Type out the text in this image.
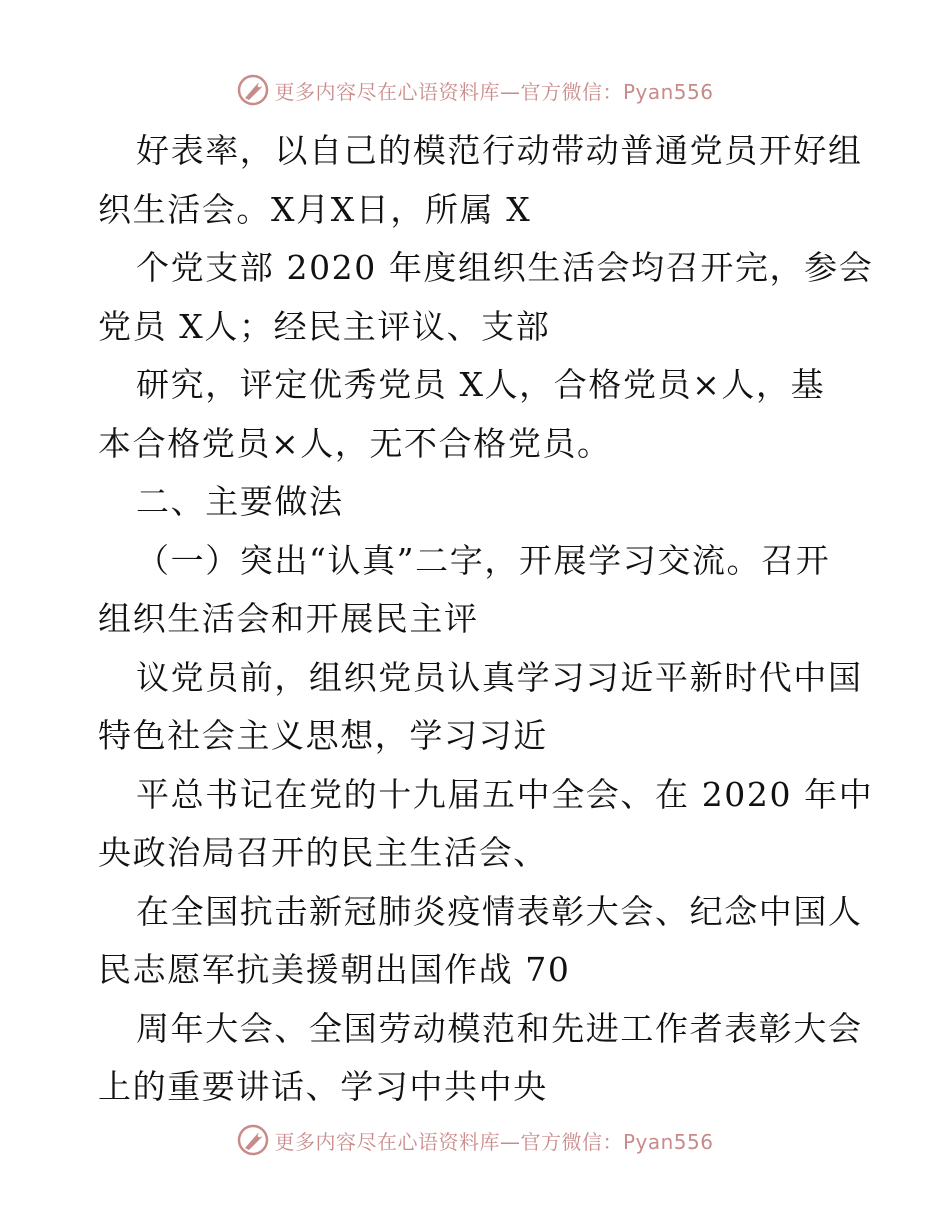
更多内容尽在心语资料库—官方微信：Pyan556
好表率，以自己的模范行动带动普通党员开好组
织生活会。X月X日，所属 X
个党支部 2020 年度组织生活会均召开完，参会
党员 X人；经民主评议、支部
研究，评定优秀党员 X人，合格党员×人，基
本合格党员×人，无不合格党员。
二、主要做法
（一）突出“认真”二字，开展学习交流。召开
组织生活会和开展民主评
议党员前，组织党员认真学习习近平新时代中国
特色社会主义思想，学习习近
平总书记在党的十九届五中全会、在 2020 年中
央政治局召开的民主生活会、
在全国抗击新冠肺炎疫情表彰大会、纪念中国人
民志愿军抗美援朝出国作战 70
周年大会、全国劳动模范和先进工作者表彰大会
上的重要讲话、学习中共中央
更多内容尽在心语资料库—官方微信：Pyan556
